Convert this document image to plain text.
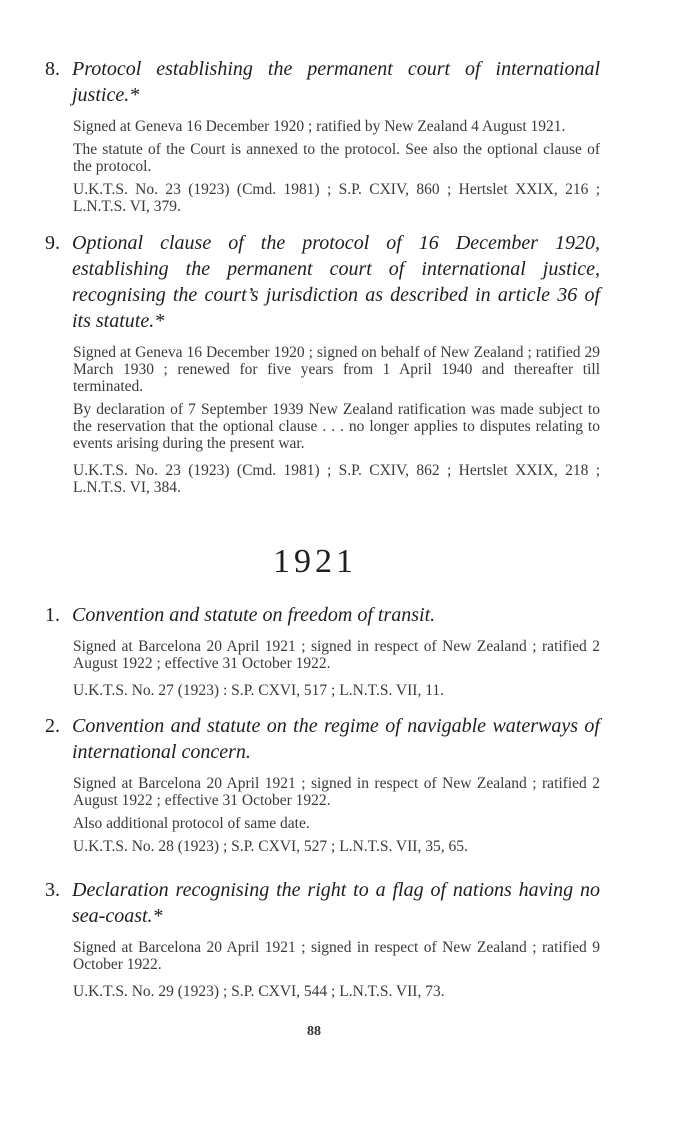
8. Protocol establishing the permanent court of international justice.*

Signed at Geneva 16 December 1920 ; ratified by New Zealand 4 August 1921.

The statute of the Court is annexed to the protocol. See also the optional clause of the protocol.

U.K.T.S. No. 23 (1923) (Cmd. 1981) ; S.P. CXIV, 860 ; Hertslet XXIX, 216 ; L.N.T.S. VI, 379.

9. Optional clause of the protocol of 16 December 1920, establishing the permanent court of international justice, recognising the court’s jurisdiction as described in article 36 of its statute.*

Signed at Geneva 16 December 1920 ; signed on behalf of New Zealand ; ratified 29 March 1930 ; renewed for five years from 1 April 1940 and thereafter till terminated.

By declaration of 7 September 1939 New Zealand ratification was made subject to the reservation that the optional clause . . . no longer applies to disputes relating to events arising during the present war.

U.K.T.S. No. 23 (1923) (Cmd. 1981) ; S.P. CXIV, 862 ; Hertslet XXIX, 218 ; L.N.T.S. VI, 384.

1921
1. Convention and statute on freedom of transit.

Signed at Barcelona 20 April 1921 ; signed in respect of New Zealand ; ratified 2 August 1922 ; effective 31 October 1922.

U.K.T.S. No. 27 (1923) : S.P. CXVI, 517 ; L.N.T.S. VII, 11.

2. Convention and statute on the regime of navigable waterways of international concern.

Signed at Barcelona 20 April 1921 ; signed in respect of New Zealand ; ratified 2 August 1922 ; effective 31 October 1922.

Also additional protocol of same date.

U.K.T.S. No. 28 (1923) ; S.P. CXVI, 527 ; L.N.T.S. VII, 35, 65.

3. Declaration recognising the right to a flag of nations having no sea-coast.*

Signed at Barcelona 20 April 1921 ; signed in respect of New Zealand ; ratified 9 October 1922.

U.K.T.S. No. 29 (1923) ; S.P. CXVI, 544 ; L.N.T.S. VII, 73.

88
